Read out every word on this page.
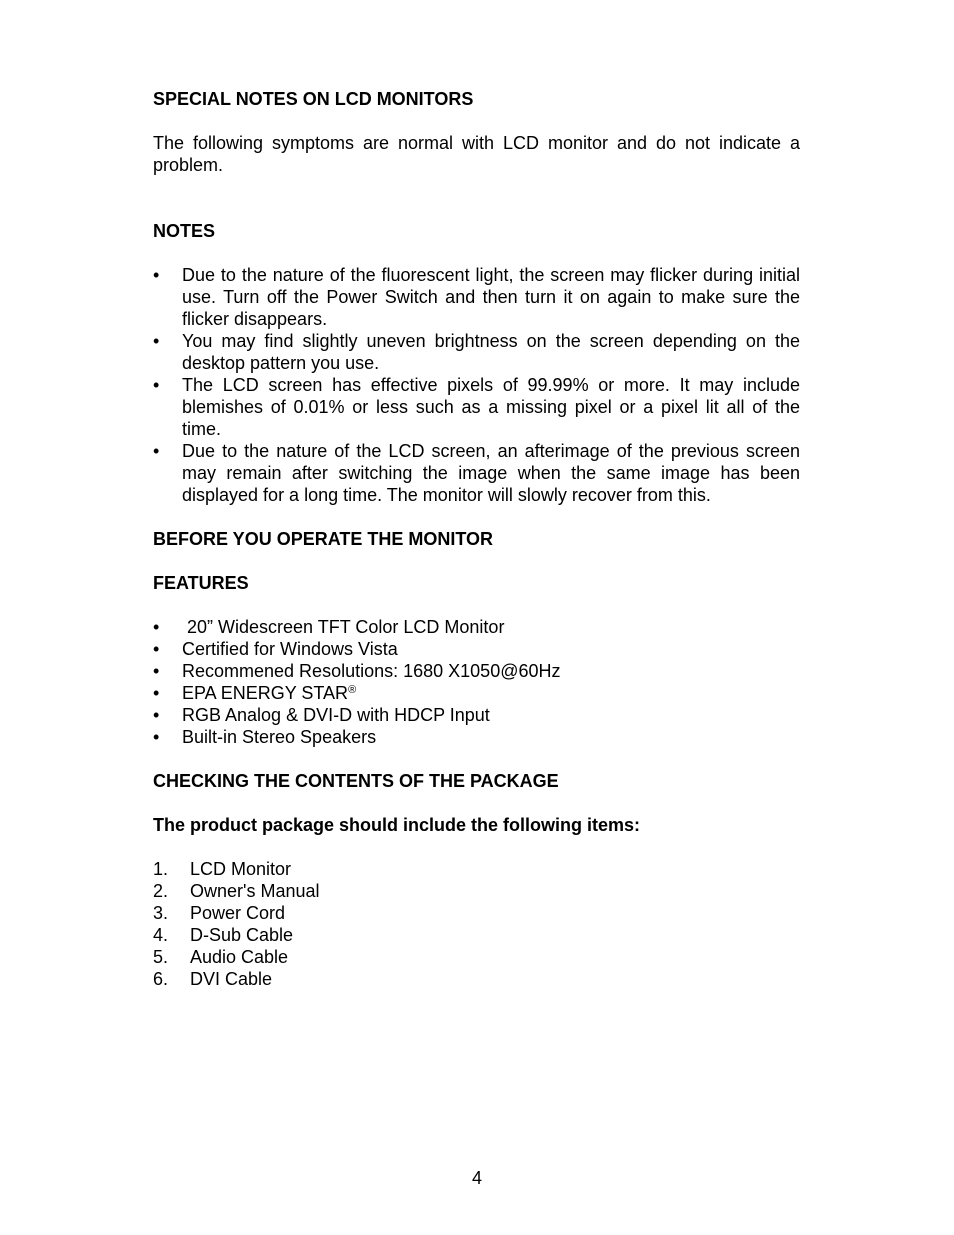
SPECIAL NOTES ON LCD MONITORS

The following symptoms are normal with LCD monitor and do not indicate a problem.

NOTES

• Due to the nature of the fluorescent light, the screen may flicker during initial use. Turn off the Power Switch and then turn it on again to make sure the flicker disappears.
• You may find slightly uneven brightness on the screen depending on the desktop pattern you use.
• The LCD screen has effective pixels of 99.99% or more. It may include blemishes of 0.01% or less such as a missing pixel or a pixel lit all of the time.
• Due to the nature of the LCD screen, an afterimage of the previous screen may remain after switching the image when the same image has been displayed for a long time. The monitor will slowly recover from this.

BEFORE YOU OPERATE THE MONITOR

FEATURES

• 20” Widescreen TFT Color LCD Monitor
• Certified for Windows Vista
• Recommened Resolutions: 1680 X1050@60Hz
• EPA ENERGY STAR®
• RGB Analog & DVI-D with HDCP Input
• Built-in Stereo Speakers

CHECKING THE CONTENTS OF THE PACKAGE

The product package should include the following items:

1. LCD Monitor
2. Owner's Manual
3. Power Cord
4. D-Sub Cable
5. Audio Cable
6. DVI Cable
4
